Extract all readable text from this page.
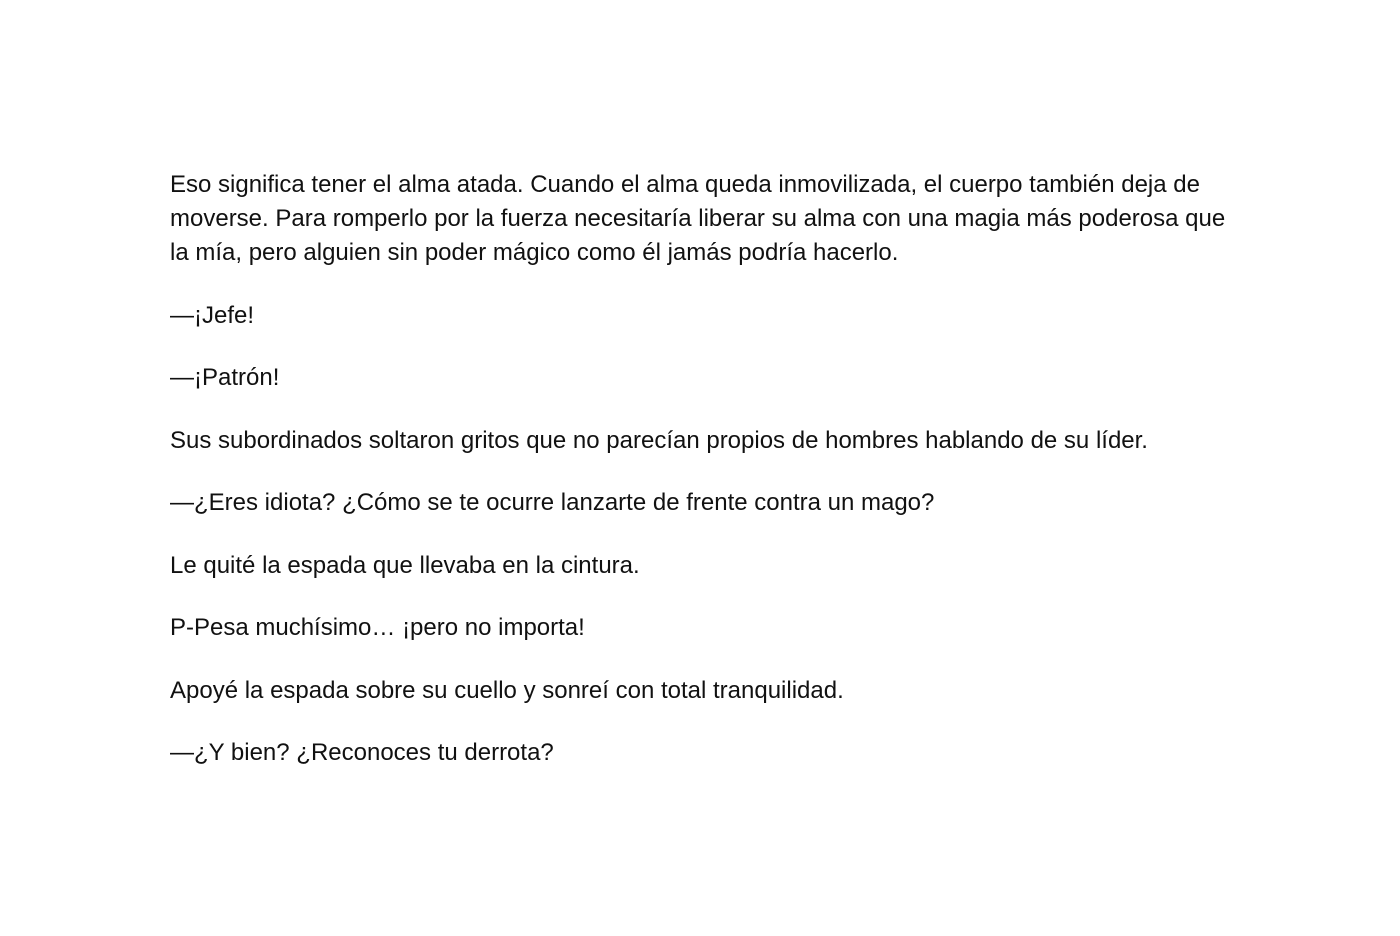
Eso significa tener el alma atada. Cuando el alma queda inmovilizada, el cuerpo también deja de moverse. Para romperlo por la fuerza necesitaría liberar su alma con una magia más poderosa que la mía, pero alguien sin poder mágico como él jamás podría hacerlo.

—¡Jefe!

—¡Patrón!

Sus subordinados soltaron gritos que no parecían propios de hombres hablando de su líder.

—¿Eres idiota? ¿Cómo se te ocurre lanzarte de frente contra un mago?

Le quité la espada que llevaba en la cintura.

P-Pesa muchísimo… ¡pero no importa!

Apoyé la espada sobre su cuello y sonreí con total tranquilidad.

—¿Y bien? ¿Reconoces tu derrota?
